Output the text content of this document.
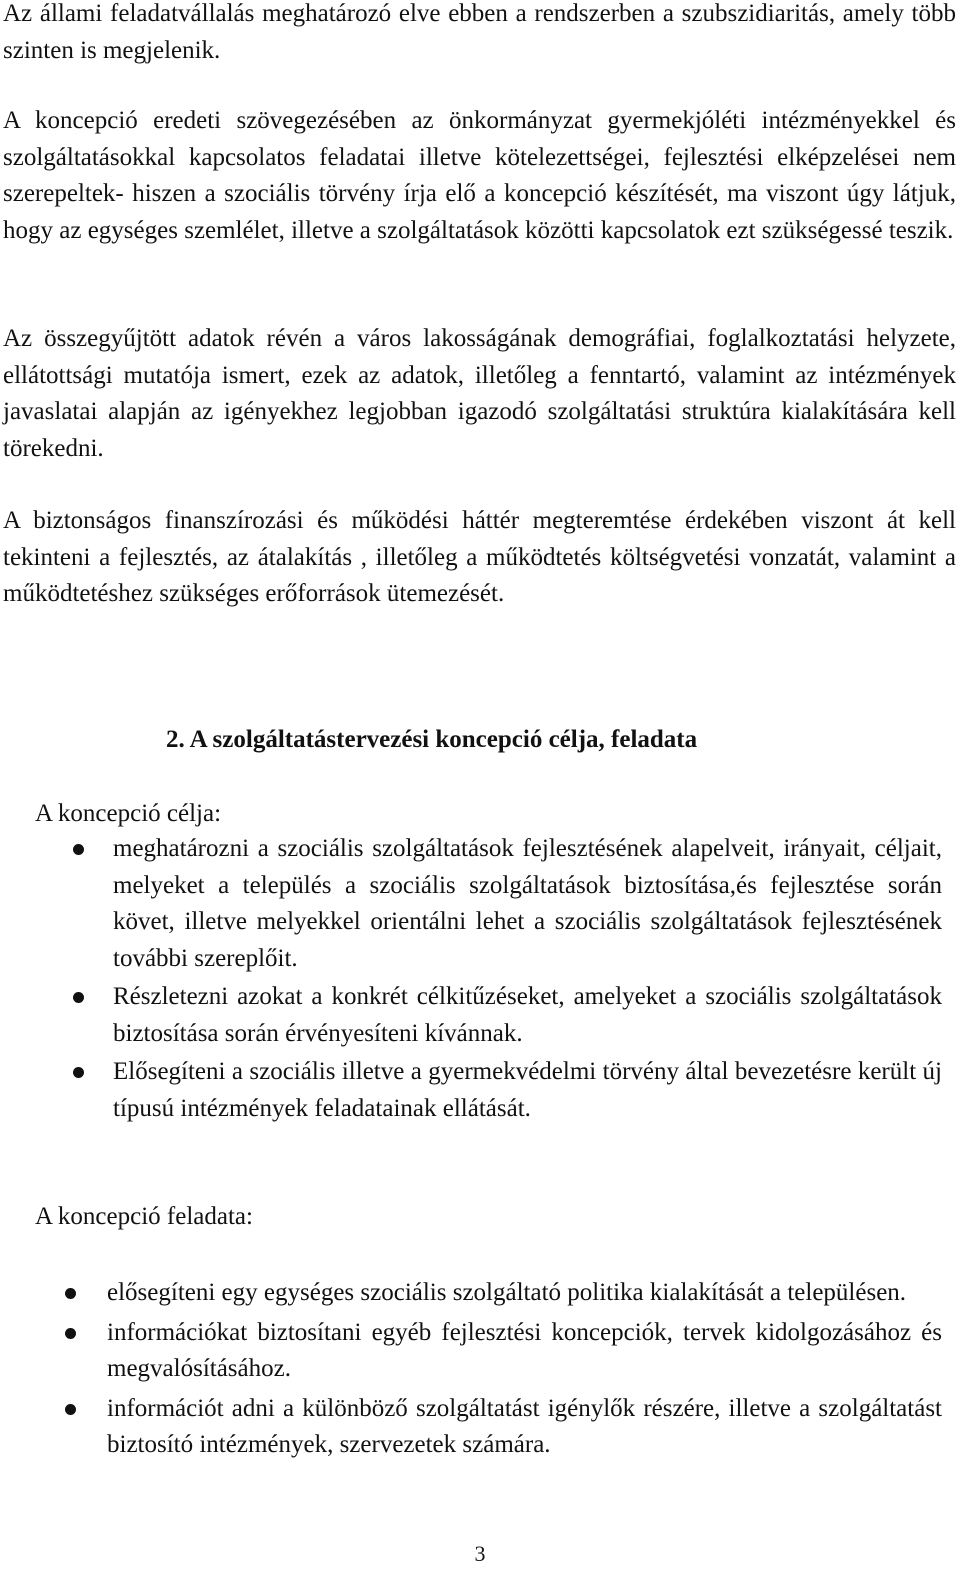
Az állami feladatvállalás meghatározó elve ebben a rendszerben a szubszidiaritás, amely több szinten is megjelenik.

A koncepció eredeti szövegezésében az önkormányzat gyermekjóléti intézményekkel és szolgáltatásokkal kapcsolatos feladatai illetve kötelezettségei, fejlesztési elképzelései nem szerepeltek- hiszen a szociális törvény írja elő a koncepció készítését, ma viszont úgy látjuk, hogy az egységes szemlélet, illetve a szolgáltatások közötti kapcsolatok ezt szükségessé teszik.

Az összegyűjtött adatok révén a város lakosságának demográfiai, foglalkoztatási helyzete, ellátottsági mutatója ismert, ezek az adatok, illetőleg a fenntartó, valamint az intézmények javaslatai alapján az igényekhez legjobban igazodó szolgáltatási struktúra kialakítására kell törekedni.

A biztonságos finanszírozási és működési háttér megteremtése érdekében viszont át kell tekinteni a fejlesztés, az átalakítás , illetőleg a működtetés költségvetési vonzatát, valamint a működtetéshez szükséges erőforrások ütemezését.

2. A szolgáltatástervezési koncepció célja, feladata

A koncepció célja:

meghatározni a szociális szolgáltatások fejlesztésének alapelveit, irányait, céljait, melyeket a település a szociális szolgáltatások biztosítása,és fejlesztése során követ, illetve melyekkel orientálni lehet a szociális szolgáltatások fejlesztésének további szereplőit.
Részletezni azokat a konkrét célkitűzéseket, amelyeket a szociális szolgáltatások biztosítása során érvényesíteni kívánnak.
Elősegíteni a szociális illetve a gyermekvédelmi törvény által bevezetésre került új típusú intézmények feladatainak ellátását.

A koncepció feladata:

elősegíteni egy egységes szociális szolgáltató politika kialakítását a településen.
információkat biztosítani egyéb fejlesztési koncepciók, tervek kidolgozásához és megvalósításához.
információt adni a különböző szolgáltatást igénylők részére, illetve a szolgáltatást biztosító intézmények, szervezetek számára.
3
